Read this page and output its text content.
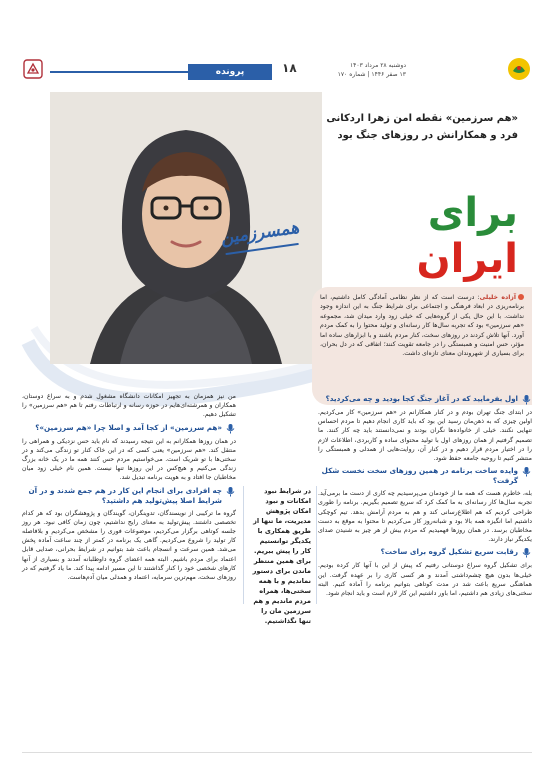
پرونده	۱۸	دوشنبه ۲۸ مرداد ۱۴۰۳
۱۳ صفر ۱۴۴۶ | شماره ۱۷۰
همسرزمین
«هم سرزمین» نقطه امن زهرا اردکانی فرد و همکارانش در روزهای جنگ بود
برای
ایران
آزاده خلیلی: درست است که از نظر نظامی آمادگی کامل داشتیم، اما برنامه‌ریزی در ابعاد فرهنگی و اجتماعی برای شرایط جنگ به این اندازه وجود نداشت. با این حال یکی از گروه‌هایی که خیلی زود وارد میدان شد، مجموعه «هم سرزمین» بود که تجربه سال‌ها کار رسانه‌ای و تولید محتوا را به کمک مردم آورد. آنها تلاش کردند در روزهای سخت، کنار مردم باشند و با ابزارهای ساده اما مؤثر، حس امنیت و همبستگی را در جامعه تقویت کنند؛ اتفاقی که در دل بحران، برای بسیاری از شهروندان معنای تازه‌ای داشت.
اول بفرمایید که در آغاز جنگ کجا بودید و چه می‌کردید؟

در ابتدای جنگ تهران بودم و در کنار همکارانم در «هم سرزمین» کار می‌کردیم. اولین چیزی که به ذهن‌مان رسید این بود که باید کاری انجام دهیم تا مردم احساس تنهایی نکنند. خیلی از خانواده‌ها نگران بودند و نمی‌دانستند باید چه کار کنند. ما تصمیم گرفتیم از همان روزهای اول با تولید محتوای ساده و کاربردی، اطلاعات لازم را در اختیار مردم قرار دهیم و در کنار آن، روایت‌هایی از همدلی و همبستگی را منتشر کنیم تا روحیه جامعه حفظ شود.

وایده ساخت برنامه در همین روزهای سخت نخست شکل گرفت؟

بله، خاطرم هست که همه ما از خودمان می‌پرسیدیم چه کاری از دست ما برمی‌آید. تجربه سال‌ها کار رسانه‌ای به ما کمک کرد که سریع تصمیم بگیریم. برنامه را طوری طراحی کردیم که هم اطلاع‌رسانی کند و هم به مردم آرامش بدهد. تیم کوچکی داشتیم اما انگیزه همه بالا بود و شبانه‌روز کار می‌کردیم تا محتوا به موقع به دست مخاطبان برسد. در همان روزها فهمیدیم که مردم بیش از هر چیز به شنیدن صدای یکدیگر نیاز دارند.

رقابت سریع تشکیل گروه برای ساخت؟

برای تشکیل گروه سراغ دوستانی رفتیم که پیش از این با آنها کار کرده بودیم. خیلی‌ها بدون هیچ چشم‌داشتی آمدند و هر کسی کاری را بر عهده گرفت. این هماهنگی سریع باعث شد در مدت کوتاهی بتوانیم برنامه را آماده کنیم. البته سختی‌های زیادی هم داشتیم، اما باور داشتیم این کار لازم است و باید انجام شود.

در شرایط نبود امکانات و نبود امکان پژوهش مدیریت، ما تنها از طریق همکاری با یکدیگر توانستیم کار را پیش ببریم. برای همین منتظر ماندن برای دستور نماندیم و با همه سختی‌ها، همراه مردم ماندیم و هم سرزمین مان را تنها نگذاشتیم.

من نیز همزمان به تجهیز امکانات دانشگاه مشغول شدم و به سراغ دوستان، همکاران و همرشته‌ای‌هایم در حوزه رسانه و ارتباطات رفتم تا هم «هم سرزمین» را تشکیل دهیم.

«هم سرزمین» از کجا آمد و اصلا چرا «هم سرزمین»؟

در همان روزها همکارانم به این نتیجه رسیدند که نام باید حس نزدیکی و همراهی را منتقل کند. «هم سرزمین» یعنی کسی که در این خاک کنار تو زندگی می‌کند و در سختی‌ها با تو شریک است. می‌خواستیم مردم حس کنند همه ما در یک خانه بزرگ زندگی می‌کنیم و هیچ‌کس در این روزها تنها نیست. همین نام خیلی زود میان مخاطبان جا افتاد و به هویت برنامه تبدیل شد.

چه افرادی برای انجام این کار در هم جمع شدند و در آن شرایط اصلا پیش‌تولید هم داشتید؟

گروه ما ترکیبی از نویسندگان، تدوینگران، گویندگان و پژوهشگران بود که هر کدام تخصصی داشتند. پیش‌تولید به معنای رایج نداشتیم، چون زمان کافی نبود. هر روز جلسه کوتاهی برگزار می‌کردیم، موضوعات فوری را مشخص می‌کردیم و بلافاصله کار تولید را شروع می‌کردیم. گاهی یک برنامه در کمتر از چند ساعت آماده پخش می‌شد. همین سرعت و انسجام باعث شد بتوانیم در شرایط بحرانی، صدایی قابل اعتماد برای مردم باشیم. البته همه اعضای گروه داوطلبانه آمدند و بسیاری از آنها کارهای شخصی خود را کنار گذاشتند تا این مسیر ادامه پیدا کند. ما یاد گرفتیم که در روزهای سخت، مهم‌ترین سرمایه، اعتماد و همدلی میان آدم‌هاست.
